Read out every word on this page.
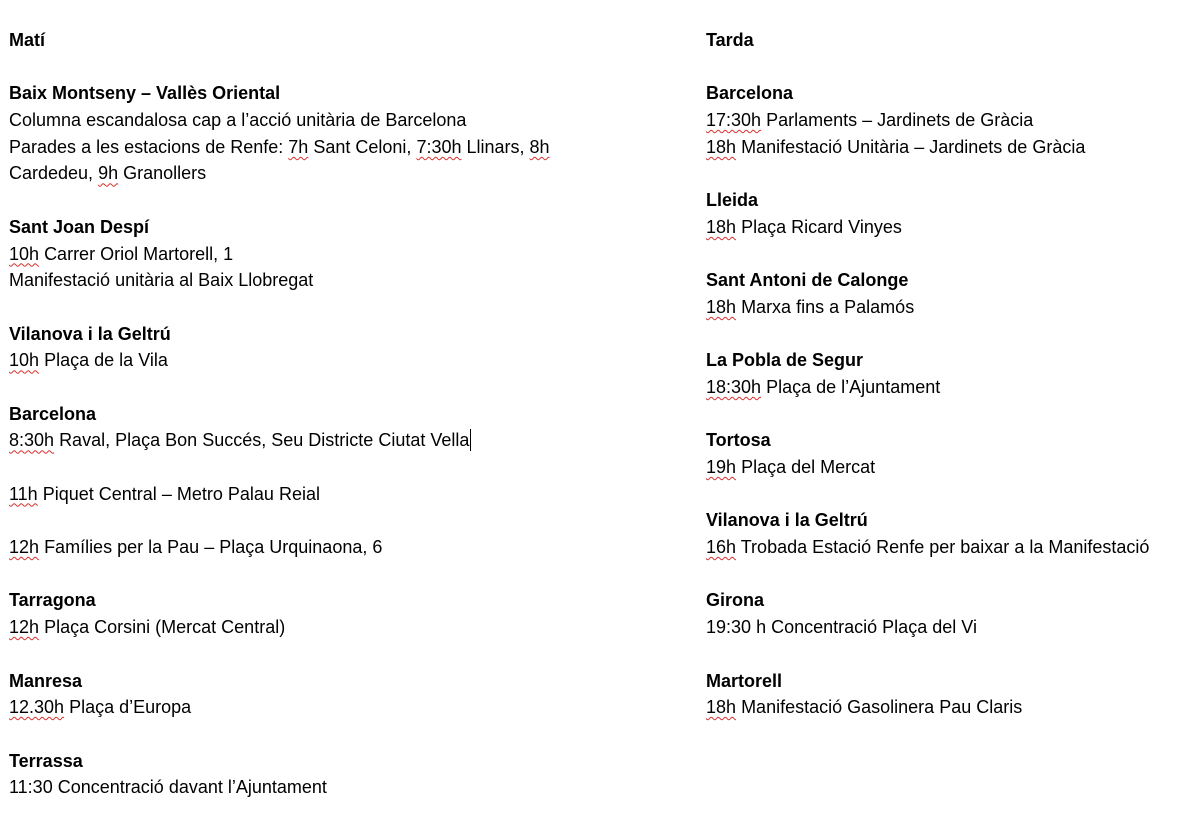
Matí
Baix Montseny – Vallès Oriental
Columna escandalosa cap a l’acció unitària de Barcelona
Parades a les estacions de Renfe: 7h Sant Celoni, 7:30h Llinars, 8h
Cardedeu, 9h Granollers
Sant Joan Despí
10h Carrer Oriol Martorell, 1
Manifestació unitària al Baix Llobregat
Vilanova i la Geltrú
10h Plaça de la Vila
Barcelona
8:30h Raval, Plaça Bon Succés, Seu Districte Ciutat Vella
11h Piquet Central – Metro Palau Reial
12h Famílies per la Pau – Plaça Urquinaona, 6
Tarragona
12h Plaça Corsini (Mercat Central)
Manresa
12.30h Plaça d’Europa
Terrassa
11:30 Concentració davant l’Ajuntament
Tarda
Barcelona
17:30h Parlaments – Jardinets de Gràcia
18h Manifestació Unitària – Jardinets de Gràcia
Lleida
18h Plaça Ricard Vinyes
Sant Antoni de Calonge
18h Marxa fins a Palamós
La Pobla de Segur
18:30h Plaça de l’Ajuntament
Tortosa
19h Plaça del Mercat
Vilanova i la Geltrú
16h Trobada Estació Renfe per baixar a la Manifestació
Girona
19:30 h Concentració Plaça del Vi
Martorell
18h Manifestació Gasolinera Pau Claris
